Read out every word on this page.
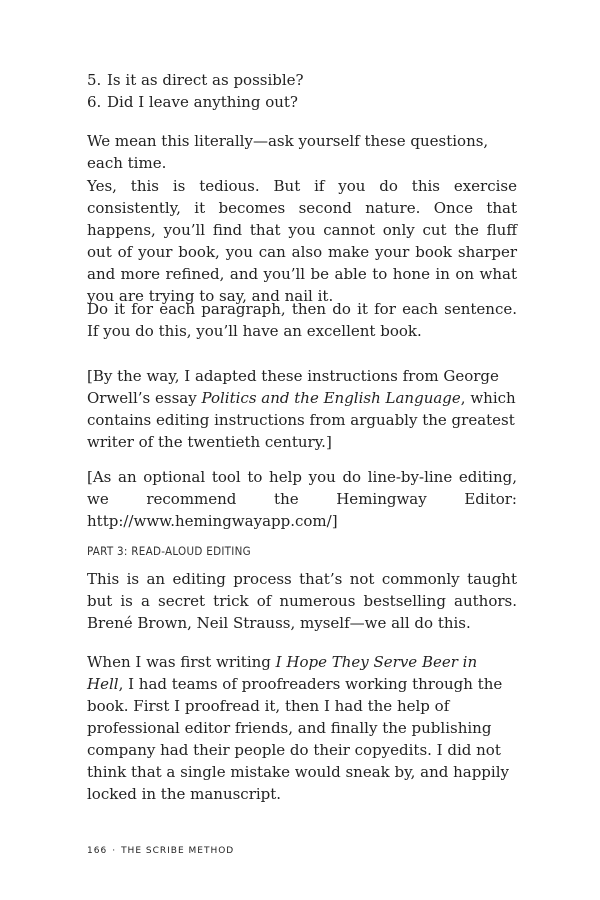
5. Is it as direct as possible?
6. Did I leave anything out?

We mean this literally—ask yourself these questions, each time.

Yes, this is tedious. But if you do this exercise consistently, it becomes second nature. Once that happens, you’ll find that you cannot only cut the fluff out of your book, you can also make your book sharper and more refined, and you’ll be able to hone in on what you are trying to say, and nail it.

Do it for each paragraph, then do it for each sentence. If you do this, you’ll have an excellent book.

[By the way, I adapted these instructions from George Orwell’s essay Politics and the English Language, which contains editing instructions from arguably the greatest writer of the twentieth century.]

[As an optional tool to help you do line-by-line editing, we recommend the Hemingway Editor: http://www.hemingwayapp.com/]

PART 3: READ-ALOUD EDITING

This is an editing process that’s not commonly taught but is a secret trick of numerous bestselling authors. Brené Brown, Neil Strauss, myself—we all do this.

When I was first writing I Hope They Serve Beer in Hell, I had teams of proofreaders working through the book. First I proofread it, then I had the help of professional editor friends, and finally the publishing company had their people do their copyedits. I did not think that a single mistake would sneak by, and happily locked in the manuscript.

166 · THE SCRIBE METHOD
